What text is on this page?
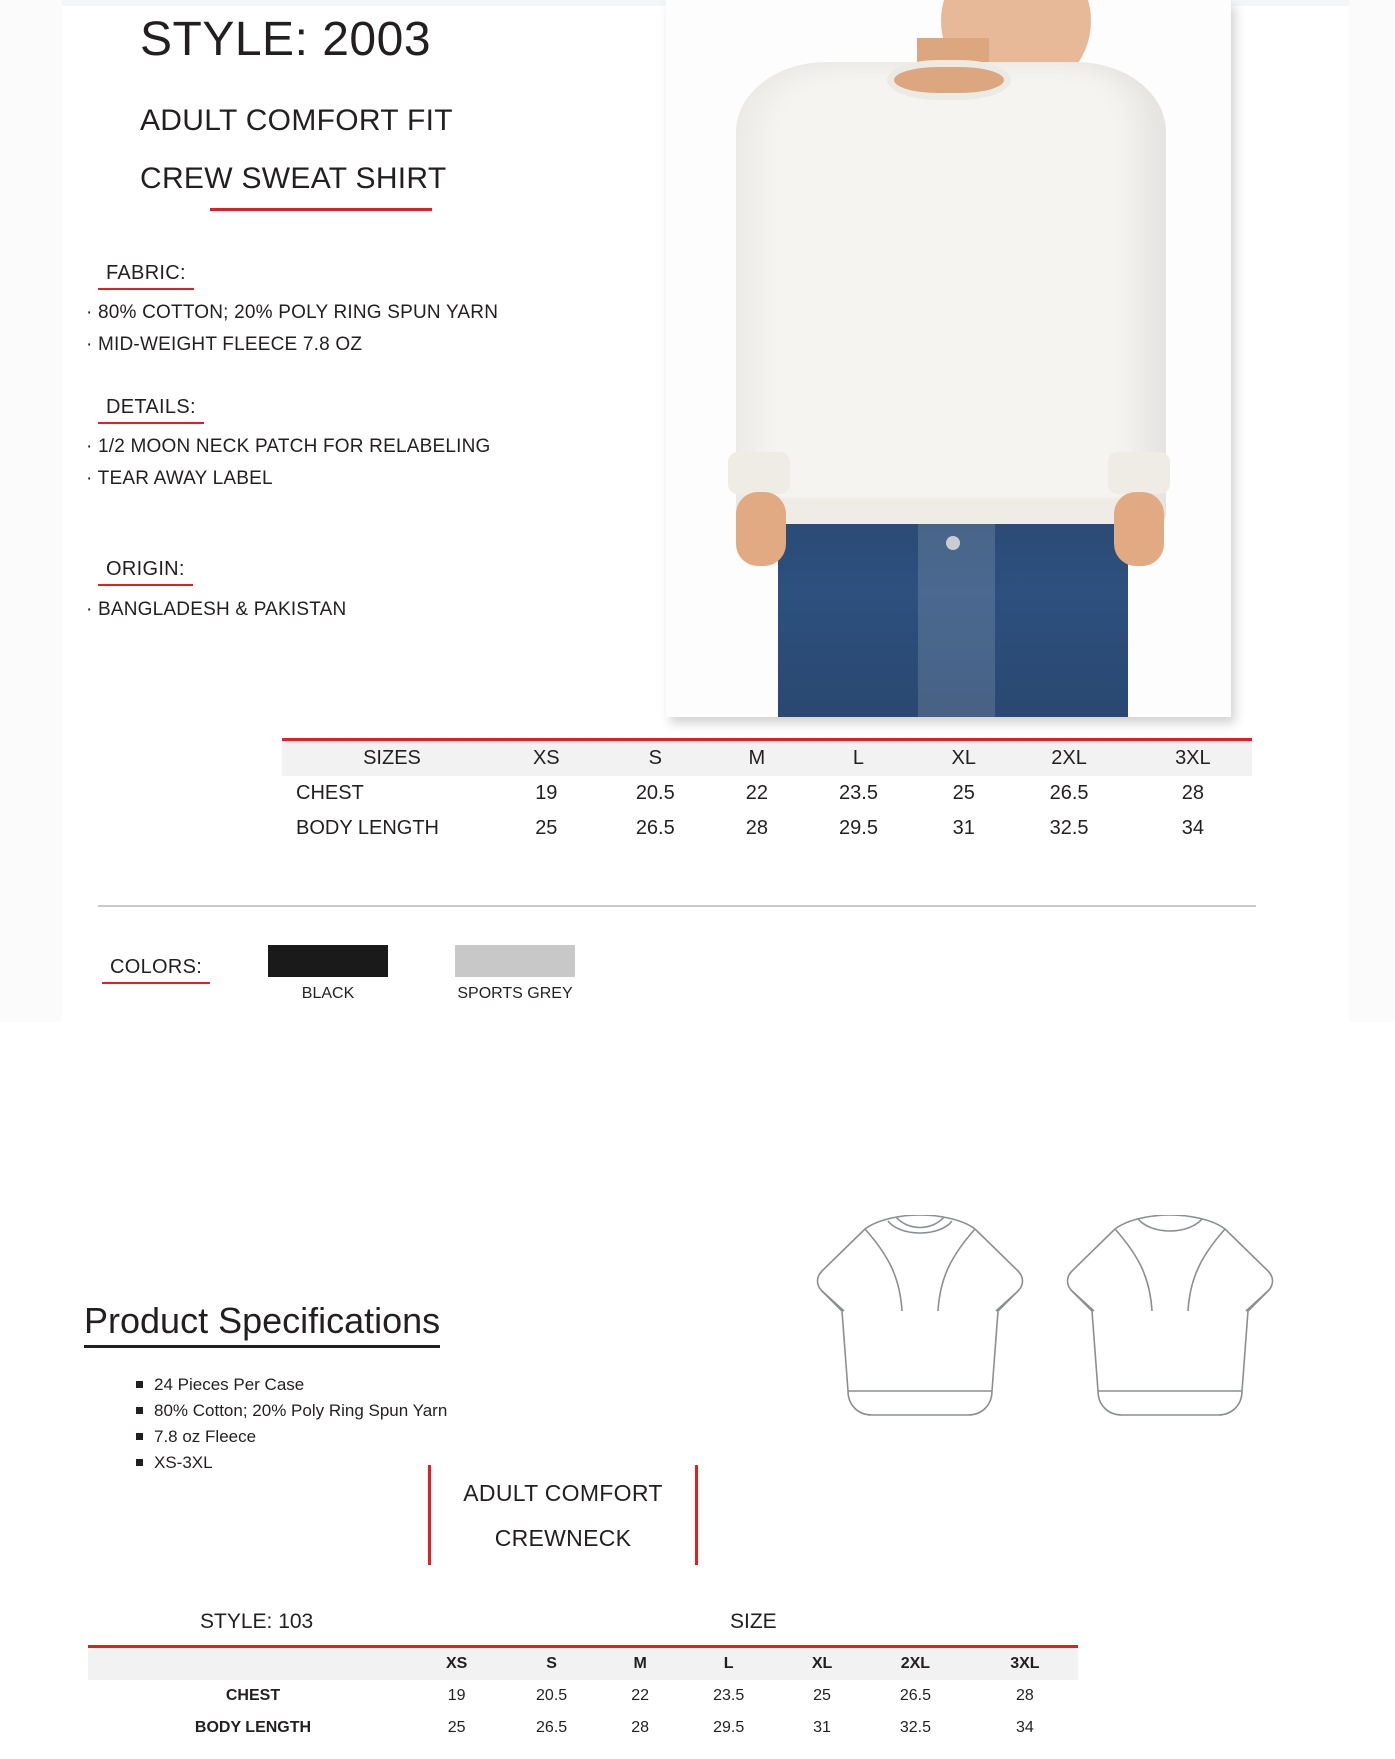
STYLE: 2003
ADULT COMFORT FIT
CREW SWEAT SHIRT
FABRIC:
· 80% COTTON; 20% POLY RING SPUN YARN
· MID-WEIGHT FLEECE 7.8 OZ
DETAILS:
· 1/2 MOON NECK PATCH FOR RELABELING
· TEAR AWAY LABEL
ORIGIN:
· BANGLADESH & PAKISTAN
SIZES	XS	S	M	L	XL	2XL	3XL
CHEST	19	20.5	22	23.5	25	26.5	28
BODY LENGTH	25	26.5	28	29.5	31	32.5	34
COLORS:
BLACK	SPORTS GREY
Product Specifications
24 Pieces Per Case
80% Cotton; 20% Poly Ring Spun Yarn
7.8 oz Fleece
XS-3XL
ADULT COMFORT
CREWNECK
STYLE: 103	SIZE
	XS	S	M	L	XL	2XL	3XL
CHEST	19	20.5	22	23.5	25	26.5	28
BODY LENGTH	25	26.5	28	29.5	31	32.5	34
